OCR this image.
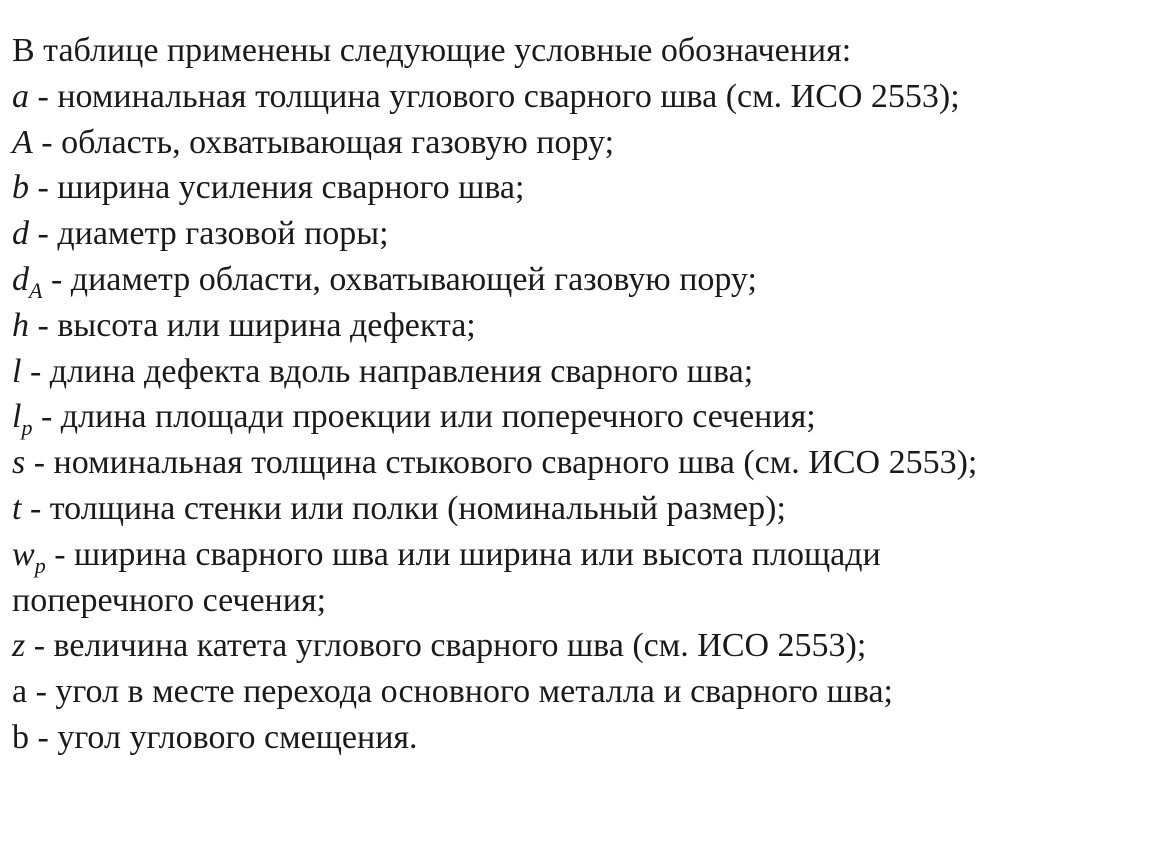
В таблице применены следующие условные обозначения:
a - номинальная толщина углового сварного шва (см. ИСО 2553);
A - область, охватывающая газовую пору;
b - ширина усиления сварного шва;
d - диаметр газовой поры;
$d_A$ - диаметр области, охватывающей газовую пору;
h - высота или ширина дефекта;
l - длина дефекта вдоль направления сварного шва;
$l_p$ - длина площади проекции или поперечного сечения;
s - номинальная толщина стыкового сварного шва (см. ИСО 2553);
t - толщина стенки или полки (номинальный размер);
$w_p$ - ширина сварного шва или ширина или высота площади
поперечного сечения;
z - величина катета углового сварного шва (см. ИСО 2553);
a - угол в месте перехода основного металла и сварного шва;
b - угол углового смещения.
